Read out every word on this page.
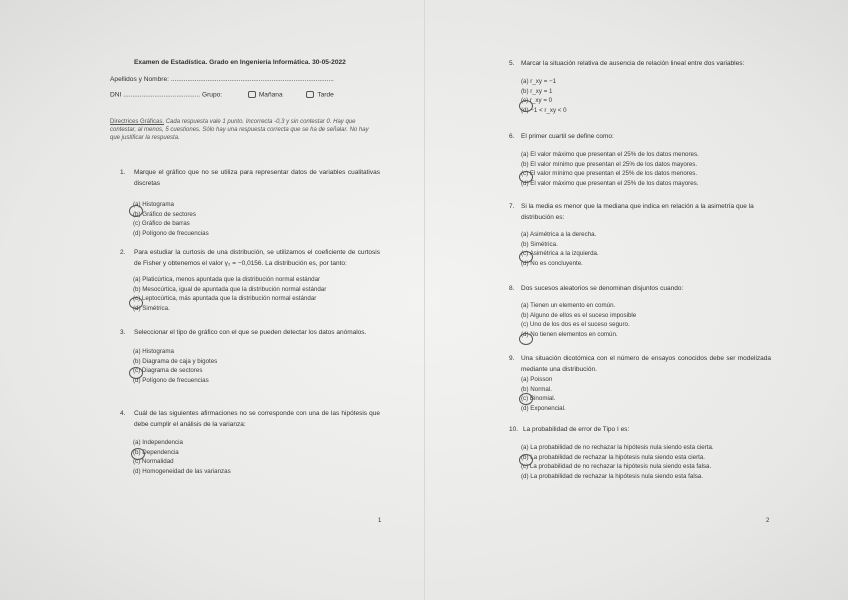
Examen de Estadística. Grado en Ingeniería Informática. 30-05-2022
Apellidos y Nombre: .........................................................................................
DNI .......................................... Grupo:	Mañana	Tarde
Directrices Gráficas. Cada respuesta vale 1 punto. Incorrecta -0,3 y sin contestar 0. Hay que contestar, al menos, 5 cuestiones. Sólo hay una respuesta correcta que se ha de señalar. No hay que justificar la respuesta.
1.	Marque el gráfico que no se utiliza para representar datos de variables cualitativas discretas
(a) Histograma
(b) Gráfico de sectores
(c) Gráfico de barras
(d) Polígono de frecuencias
2.	Para estudiar la curtosis de una distribución, se utilizamos el coeficiente de curtosis de Fisher y obtenemos el valor γ₂ = −0,0156. La distribución es, por tanto:
(a) Platicúrtica, menos apuntada que la distribución normal estándar
(b) Mesocúrtica, igual de apuntada que la distribución normal estándar
(c) Leptocúrtica, más apuntada que la distribución normal estándar
(d) Simétrica.
3.	Seleccionar el tipo de gráfico con el que se pueden detectar los datos anómalos.
(a) Histograma
(b) Diagrama de caja y bigotes
(c) Diagrama de sectores
(d) Polígono de frecuencias
4.	Cuál de las siguientes afirmaciones no se corresponde con una de las hipótesis que debe cumplir el análisis de la varianza:
(a) Independencia
(b) Dependencia
(c) Normalidad
(d) Homogeneidad de las varianzas
1
5.	Marcar la situación relativa de ausencia de relación lineal entre dos variables:
(a) r_xy = −1
(b) r_xy = 1
(c) r_xy = 0
(d) −1 < r_xy < 0
6.	El primer cuartil se define como:
(a) El valor máximo que presentan el 25% de los datos menores.
(b) El valor mínimo que presentan el 25% de los datos mayores.
(c) El valor mínimo que presentan el 25% de los datos menores.
(d) El valor máximo que presentan el 25% de los datos mayores.
7.	Si la media es menor que la mediana que indica en relación a la asimetría que la distribución es:
(a) Asimétrica a la derecha.
(b) Simétrica.
(c) Asimétrica a la izquierda.
(d) No es concluyente.
8.	Dos sucesos aleatorios se denominan disjuntos cuando:
(a) Tienen un elemento en común.
(b) Alguno de ellos es el suceso imposible
(c) Uno de los dos es el suceso seguro.
(d) No tienen elementos en común.
9.	Una situación dicotómica con el número de ensayos conocidos debe ser modelizada mediante una distribución.
(a) Poisson
(b) Normal.
(c) Binomial.
(d) Exponencial.
10. La probabilidad de error de Tipo I es:
(a) La probabilidad de no rechazar la hipótesis nula siendo esta cierta.
(b) La probabilidad de rechazar la hipótesis nula siendo esta cierta.
(c) La probabilidad de no rechazar la hipótesis nula siendo esta falsa.
(d) La probabilidad de rechazar la hipótesis nula siendo esta falsa.
2
